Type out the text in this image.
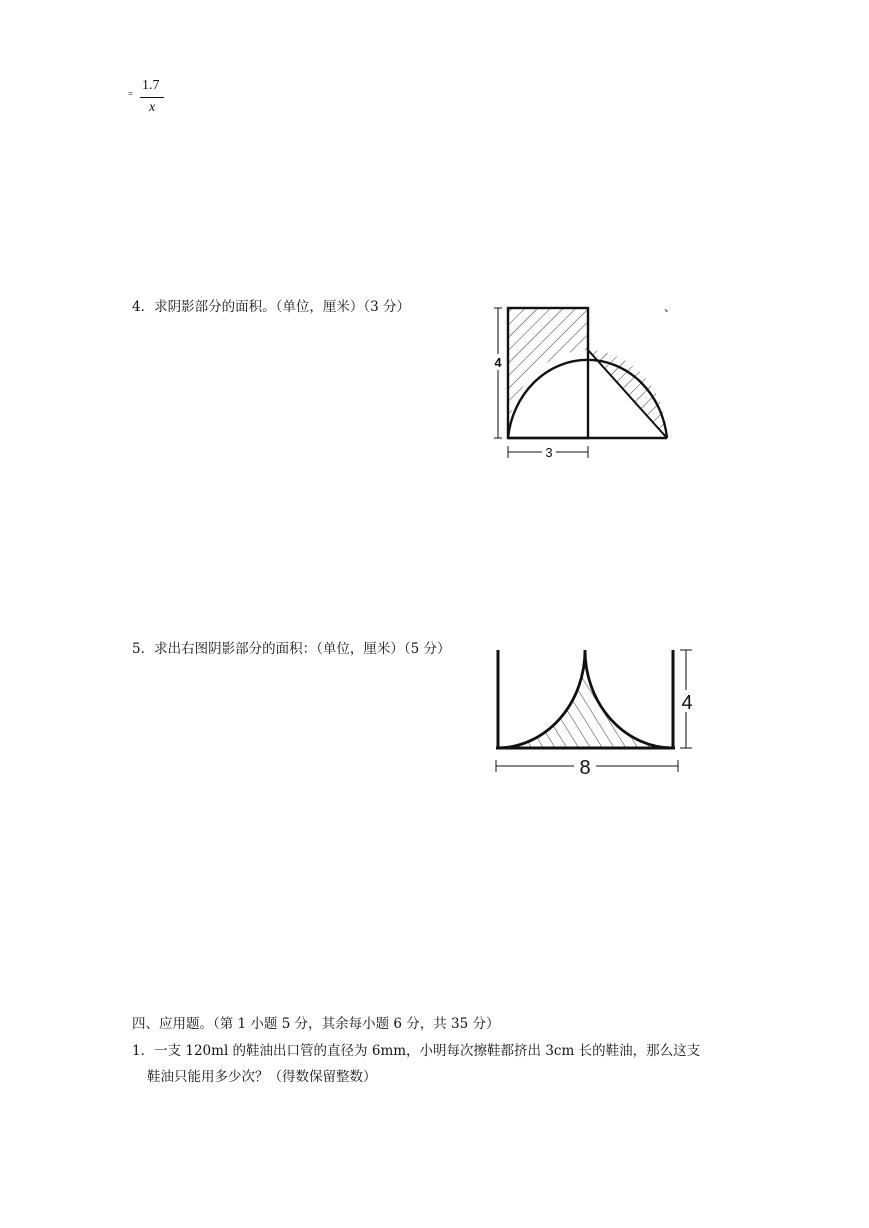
=
1.7
x
4．求阴影部分的面积。（单位，厘米）（3 分）	、
4
3
5．求出右图阴影部分的面积：（单位，厘米）（5 分）
4
8
四、应用题。（第 1 小题 5 分，其余每小题 6 分，共 35 分）
1．一支 120ml 的鞋油出口管的直径为 6mm，小明每次擦鞋都挤出 3cm 长的鞋油，那么这支
鞋油只能用多少次？（得数保留整数）
